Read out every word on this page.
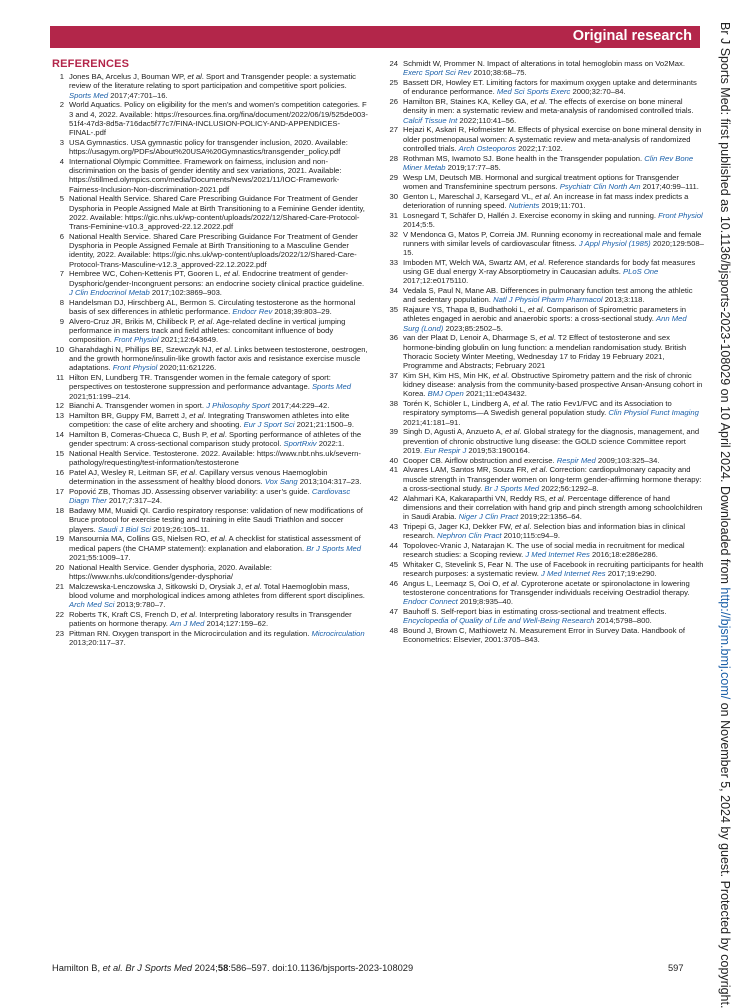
Original research
REFERENCES
1 Jones BA, Arcelus J, Bouman WP, et al. Sport and Transgender people: a systematic review of the literature relating to sport participation and competitive sport policies. Sports Med 2017;47:701–16.
2 World Aquatics. Policy on eligibility for the men’s and women’s competition categories. F 3 and 4, 2022. Available: https://resources.fina.org/fina/document/2022/06/19/525de003-51f4-47d3-8d5a-716dac5f77c7/FINA-INCLUSION-POLICY-AND-APPENDICES-FINAL-.pdf
3 USA Gymnastics. USA gymnastic policy for transgender inclusion, 2020. Available: https://usagym.org/PDFs/About%20USA%20Gymnastics/transgender_policy.pdf
4 International Olympic Committee. Framework on fairness, inclusion and non-discrimination on the basis of gender identity and sex variations, 2021. Available: https://stillmed.olympics.com/media/Documents/News/2021/11/IOC-Framework-Fairness-Inclusion-Non-discrimination-2021.pdf
5 National Health Service. Shared Care Prescribing Guidance For Treatment of Gender Dysphoria in People Assigned Male at Birth Transitioning to a Feminine Gender identity, 2022. Available: https://gic.nhs.uk/wp-content/uploads/2022/12/Shared-Care-Protocol-Trans-Feminine-v10.3_approved-22.12.2022.pdf
6 National Health Service. Shared Care Prescribing Guidance For Treatment of Gender Dysphoria in People Assigned Female at Birth Transitioning to a Masculine Gender identity, 2022. Available: https://gic.nhs.uk/wp-content/uploads/2022/12/Shared-Care-Protocol-Trans-Masculine-v12.3_approved-22.12.2022.pdf
7 Hembree WC, Cohen-Kettenis PT, Gooren L, et al. Endocrine treatment of gender-Dysphoric/gender-Incongruent persons: an endocrine society clinical practice guideline. J Clin Endocrinol Metab 2017;102:3869–903.
8 Handelsman DJ, Hirschberg AL, Bermon S. Circulating testosterone as the hormonal basis of sex differences in athletic performance. Endocr Rev 2018;39:803–29.
9 Alvero-Cruz JR, Brikis M, Chilibeck P, et al. Age-related decline in vertical jumping performance in masters track and field athletes: concomitant influence of body composition. Front Physiol 2021;12:643649.
10 Gharahdaghi N, Phillips BE, Szewczyk NJ, et al. Links between testosterone, oestrogen, and the growth hormone/insulin-like growth factor axis and resistance exercise muscle adaptations. Front Physiol 2020;11:621226.
11 Hilton EN, Lundberg TR. Transgender women in the female category of sport: perspectives on testosterone suppression and performance advantage. Sports Med 2021;51:199–214.
12 Bianchi A. Transgender women in sport. J Philosophy Sport 2017;44:229–42.
13 Hamilton BR, Guppy FM, Barrett J, et al. Integrating Transwomen athletes into elite competition: the case of elite archery and shooting. Eur J Sport Sci 2021;21:1500–9.
14 Hamilton B, Comeras-Chueca C, Bush P, et al. Sporting performance of athletes of the gender spectrum: A cross-sectional comparison study protocol. SportRxiv 2022:1.
15 National Health Service. Testosterone. 2022. Available: https://www.nbt.nhs.uk/severn-pathology/requesting/test-information/testosterone
16 Patel AJ, Wesley R, Leitman SF, et al. Capillary versus venous Haemoglobin determination in the assessment of healthy blood donors. Vox Sang 2013;104:317–23.
17 Popović ZB, Thomas JD. Assessing observer variability: a user’s guide. Cardiovasc Diagn Ther 2017;7:317–24.
18 Badawy MM, Muaidi QI. Cardio respiratory response: validation of new modifications of Bruce protocol for exercise testing and training in elite Saudi Triathlon and soccer players. Saudi J Biol Sci 2019;26:105–11.
19 Mansournia MA, Collins GS, Nielsen RO, et al. A checklist for statistical assessment of medical papers (the CHAMP statement): explanation and elaboration. Br J Sports Med 2021;55:1009–17.
20 National Health Service. Gender dysphoria, 2020. Available: https://www.nhs.uk/conditions/gender-dysphoria/
21 Malczewska-Lenczowska J, Sitkowski D, Orysiak J, et al. Total Haemoglobin mass, blood volume and morphological indices among athletes from different sport disciplines. Arch Med Sci 2013;9:780–7.
22 Roberts TK, Kraft CS, French D, et al. Interpreting laboratory results in Transgender patients on hormone therapy. Am J Med 2014;127:159–62.
23 Pittman RN. Oxygen transport in the Microcirculation and its regulation. Microcirculation 2013;20:117–37.
24 Schmidt W, Prommer N. Impact of alterations in total hemoglobin mass on Vo2Max. Exerc Sport Sci Rev 2010;38:68–75.
25 Bassett DR, Howley ET. Limiting factors for maximum oxygen uptake and determinants of endurance performance. Med Sci Sports Exerc 2000;32:70–84.
26 Hamilton BR, Staines KA, Kelley GA, et al. The effects of exercise on bone mineral density in men: a systematic review and meta-analysis of randomised controlled trials. Calcif Tissue Int 2022;110:41–56.
27 Hejazi K, Askari R, Hofmeister M. Effects of physical exercise on bone mineral density in older postmenopausal women: A systematic review and meta-analysis of randomized controlled trials. Arch Osteoporos 2022;17:102.
28 Rothman MS, Iwamoto SJ. Bone health in the Transgender population. Clin Rev Bone Miner Metab 2019;17:77–85.
29 Wesp LM, Deutsch MB. Hormonal and surgical treatment options for Transgender women and Transfeminine spectrum persons. Psychiatr Clin North Am 2017;40:99–111.
30 Genton L, Mareschal J, Karsegard VL, et al. An increase in fat mass index predicts a deterioration of running speed. Nutrients 2019;11:701.
31 Losnegard T, Schäfer D, Hallén J. Exercise economy in skiing and running. Front Physiol 2014;5:5.
32 V Mendonca G, Matos P, Correia JM. Running economy in recreational male and female runners with similar levels of cardiovascular fitness. J Appl Physiol (1985) 2020;129:508–15.
33 Imboden MT, Welch WA, Swartz AM, et al. Reference standards for body fat measures using GE dual energy X-ray Absorptiometry in Caucasian adults. PLoS One 2017;12:e0175110.
34 Vedala S, Paul N, Mane AB. Differences in pulmonary function test among the athletic and sedentary population. Natl J Physiol Pharm Pharmacol 2013;3:118.
35 Rajaure YS, Thapa B, Budhathoki L, et al. Comparison of Spirometric parameters in athletes engaged in aerobic and anaerobic sports: a cross-sectional study. Ann Med Surg (Lond) 2023;85:2502–5.
36 van der Plaat D, Lenoir A, Dharmage S, et al. T2 Effect of testosterone and sex hormone-binding globulin on lung function: a mendelian randomisation study. British Thoracic Society Winter Meeting, Wednesday 17 to Friday 19 February 2021, Programme and Abstracts; February 2021
37 Kim SH, Kim HS, Min HK, et al. Obstructive Spirometry pattern and the risk of chronic kidney disease: analysis from the community-based prospective Ansan-Ansung cohort in Korea. BMJ Open 2021;11:e043432.
38 Torén K, Schiöler L, Lindberg A, et al. The ratio Fev1/FVC and its Association to respiratory symptoms—A Swedish general population study. Clin Physiol Funct Imaging 2021;41:181–91.
39 Singh D, Agusti A, Anzueto A, et al. Global strategy for the diagnosis, management, and prevention of chronic obstructive lung disease: the GOLD science Committee report 2019. Eur Respir J 2019;53:1900164.
40 Cooper CB. Airflow obstruction and exercise. Respir Med 2009;103:325–34.
41 Alvares LAM, Santos MR, Souza FR, et al. Correction: cardiopulmonary capacity and muscle strength in Transgender women on long-term gender-affirming hormone therapy: a cross-sectional study. Br J Sports Med 2022;56:1292–8.
42 Alahmari KA, Kakaraparthi VN, Reddy RS, et al. Percentage difference of hand dimensions and their correlation with hand grip and pinch strength among schoolchildren in Saudi Arabia. Niger J Clin Pract 2019;22:1356–64.
43 Tripepi G, Jager KJ, Dekker FW, et al. Selection bias and information bias in clinical research. Nephron Clin Pract 2010;115:c94–9.
44 Topolovec-Vranic J, Natarajan K. The use of social media in recruitment for medical research studies: a Scoping review. J Med Internet Res 2016;18:e286e286.
45 Whitaker C, Stevelink S, Fear N. The use of Facebook in recruiting participants for health research purposes: a systematic review. J Med Internet Res 2017;19:e290.
46 Angus L, Leemaqz S, Ooi O, et al. Cyproterone acetate or spironolactone in lowering testosterone concentrations for Transgender individuals receiving Oestradiol therapy. Endocr Connect 2019;8:935–40.
47 Bauhoff S. Self-report bias in estimating cross-sectional and treatment effects. Encyclopedia of Quality of Life and Well-Being Research 2014;5798–800.
48 Bound J, Brown C, Mathiowetz N. Measurement Error in Survey Data. Handbook of Econometrics: Elsevier, 2001:3705–843.
Br J Sports Med: first published as 10.1136/bjsports-2023-108029 on 10 April 2024. Downloaded from http://bjsm.bmj.com/ on November 5, 2024 by guest. Protected by copyright.
Hamilton B, et al. Br J Sports Med 2024;58:586–597. doi:10.1136/bjsports-2023-108029	597
